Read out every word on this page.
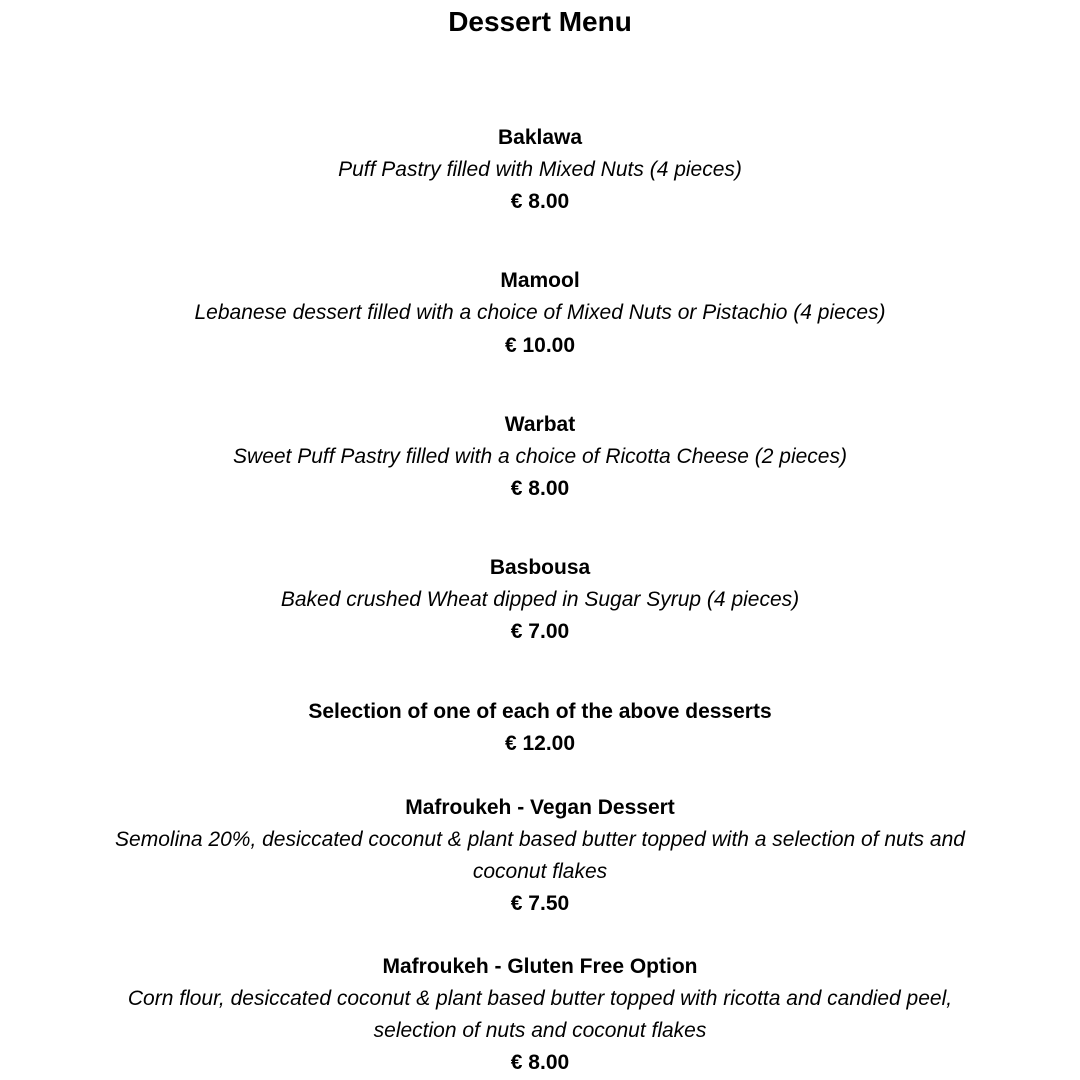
Dessert Menu
Baklawa
Puff Pastry filled with Mixed Nuts (4 pieces)
€ 8.00
Mamool
Lebanese dessert filled with a choice of Mixed Nuts or Pistachio (4 pieces)
€ 10.00
Warbat
Sweet Puff Pastry filled with a choice of Ricotta Cheese (2 pieces)
€ 8.00
Basbousa
Baked crushed Wheat dipped in Sugar Syrup (4 pieces)
€ 7.00
Selection of one of each of the above desserts
€ 12.00
Mafroukeh - Vegan Dessert
Semolina 20%, desiccated coconut & plant based butter topped with a selection of nuts and
coconut flakes
€ 7.50
Mafroukeh - Gluten Free Option
Corn flour, desiccated coconut & plant based butter topped with ricotta and candied peel,
selection of nuts and coconut flakes
€ 8.00
